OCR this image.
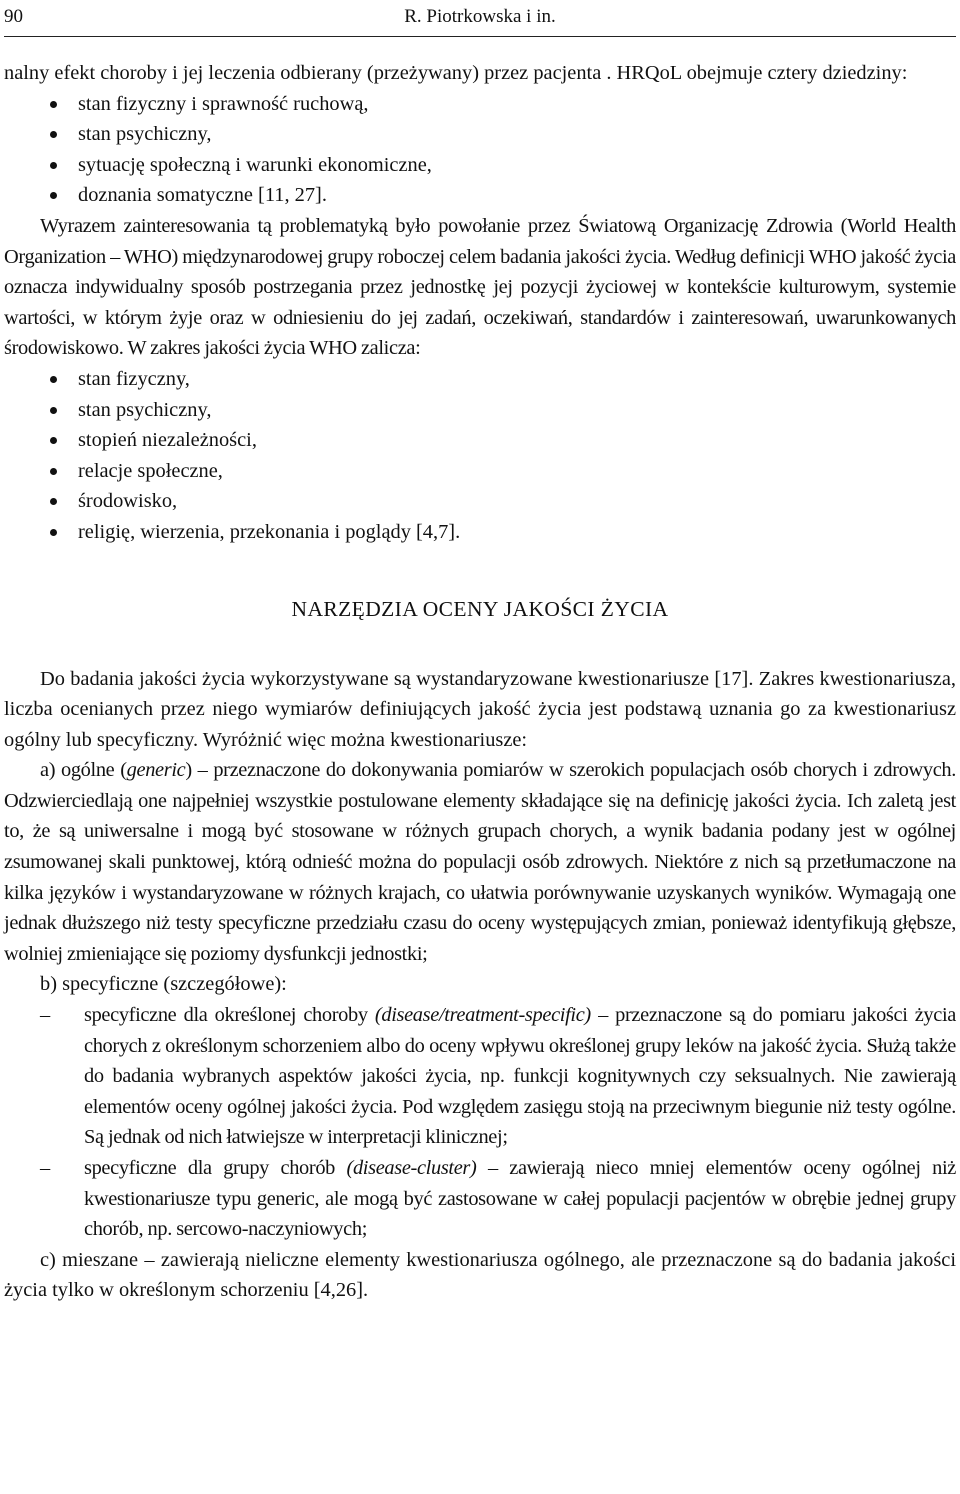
90	R. Piotrkowska i in.

nalny efekt choroby i jej leczenia odbierany (przeżywany) przez pacjenta . HRQoL obejmuje cztery dziedziny:

stan fizyczny i sprawność ruchową,
stan psychiczny,
sytuację społeczną i warunki ekonomiczne,
doznania somatyczne [11, 27].

Wyrazem zainteresowania tą problematyką było powołanie przez Światową Organizację Zdrowia (World Health Organization – WHO) międzynarodowej grupy roboczej celem badania jakości życia. Według definicji WHO jakość życia oznacza indywidualny sposób postrzegania przez jednostkę jej pozycji życiowej w kontekście kulturowym, systemie wartości, w którym żyje oraz w odniesieniu do jej zadań, oczekiwań, standardów i zainteresowań, uwarunkowanych środowiskowo. W zakres jakości życia WHO zalicza:

stan fizyczny,
stan psychiczny,
stopień niezależności,
relacje społeczne,
środowisko,
religię, wierzenia, przekonania i poglądy [4,7].
NARZĘDZIA OCENY JAKOŚCI ŻYCIA

Do badania jakości życia wykorzystywane są wystandaryzowane kwestionariusze [17]. Zakres kwestionariusza, liczba ocenianych przez niego wymiarów definiujących jakość życia jest podstawą uznania go za kwestionariusz ogólny lub specyficzny. Wyróżnić więc można kwestionariusze:

a) ogólne (generic) – przeznaczone do dokonywania pomiarów w szerokich populacjach osób chorych i zdrowych. Odzwierciedlają one najpełniej wszystkie postulowane elementy składające się na definicję jakości życia. Ich zaletą jest to, że są uniwersalne i mogą być stosowane w różnych grupach chorych, a wynik badania podany jest w ogólnej zsumowanej skali punktowej, którą odnieść można do populacji osób zdrowych. Niektóre z nich są przetłumaczone na kilka języków i wystandaryzowane w różnych krajach, co ułatwia porównywanie uzyskanych wyników. Wymagają one jednak dłuższego niż testy specyficzne przedziału czasu do oceny występujących zmian, ponieważ identyfikują głębsze, wolniej zmieniające się poziomy dysfunkcji jednostki;

b) specyficzne (szczegółowe):

– specyficzne dla określonej choroby (disease/treatment-specific) – przeznaczone są do pomiaru jakości życia chorych z określonym schorzeniem albo do oceny wpływu określonej grupy leków na jakość życia. Służą także do badania wybranych aspektów jakości życia, np. funkcji kognitywnych czy seksualnych. Nie zawierają elementów oceny ogólnej jakości życia. Pod względem zasięgu stoją na przeciwnym biegunie niż testy ogólne. Są jednak od nich łatwiejsze w interpretacji klinicznej;
– specyficzne dla grupy chorób (disease-cluster) – zawierają nieco mniej elementów oceny ogólnej niż kwestionariusze typu generic, ale mogą być zastosowane w całej populacji pacjentów w obrębie jednej grupy chorób, np. sercowo-naczyniowych;

c) mieszane – zawierają nieliczne elementy kwestionariusza ogólnego, ale przeznaczone są do badania jakości życia tylko w określonym schorzeniu [4,26].
